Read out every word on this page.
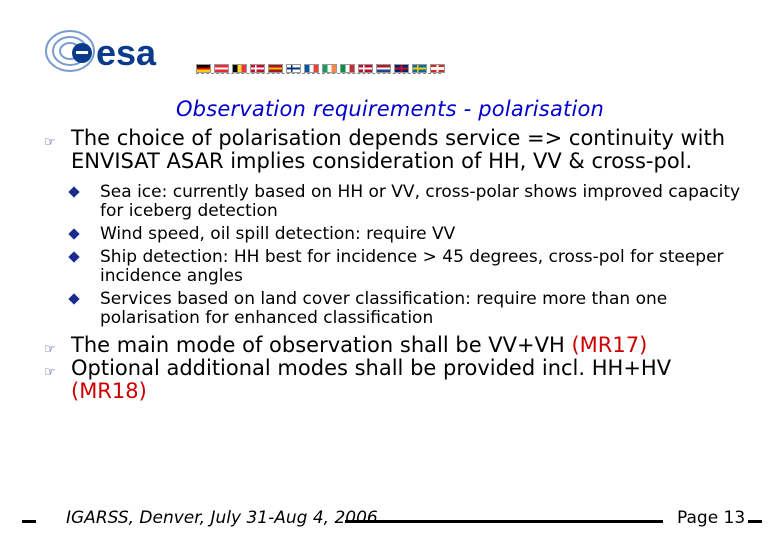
esa
Observation requirements - polarisation
☞ The choice of polarisation depends service => continuity with ENVISAT ASAR implies consideration of HH, VV & cross-pol.
Sea ice: currently based on HH or VV, cross-polar shows improved capacity for iceberg detection
Wind speed, oil spill detection: require VV
Ship detection: HH best for incidence > 45 degrees, cross-pol for steeper incidence angles
Services based on land cover classification: require more than one polarisation for enhanced classification
☞ The main mode of observation shall be VV+VH (MR17)
☞ Optional additional modes shall be provided incl. HH+HV (MR18)
IGARSS, Denver, July 31-Aug 4, 2006	Page 13
